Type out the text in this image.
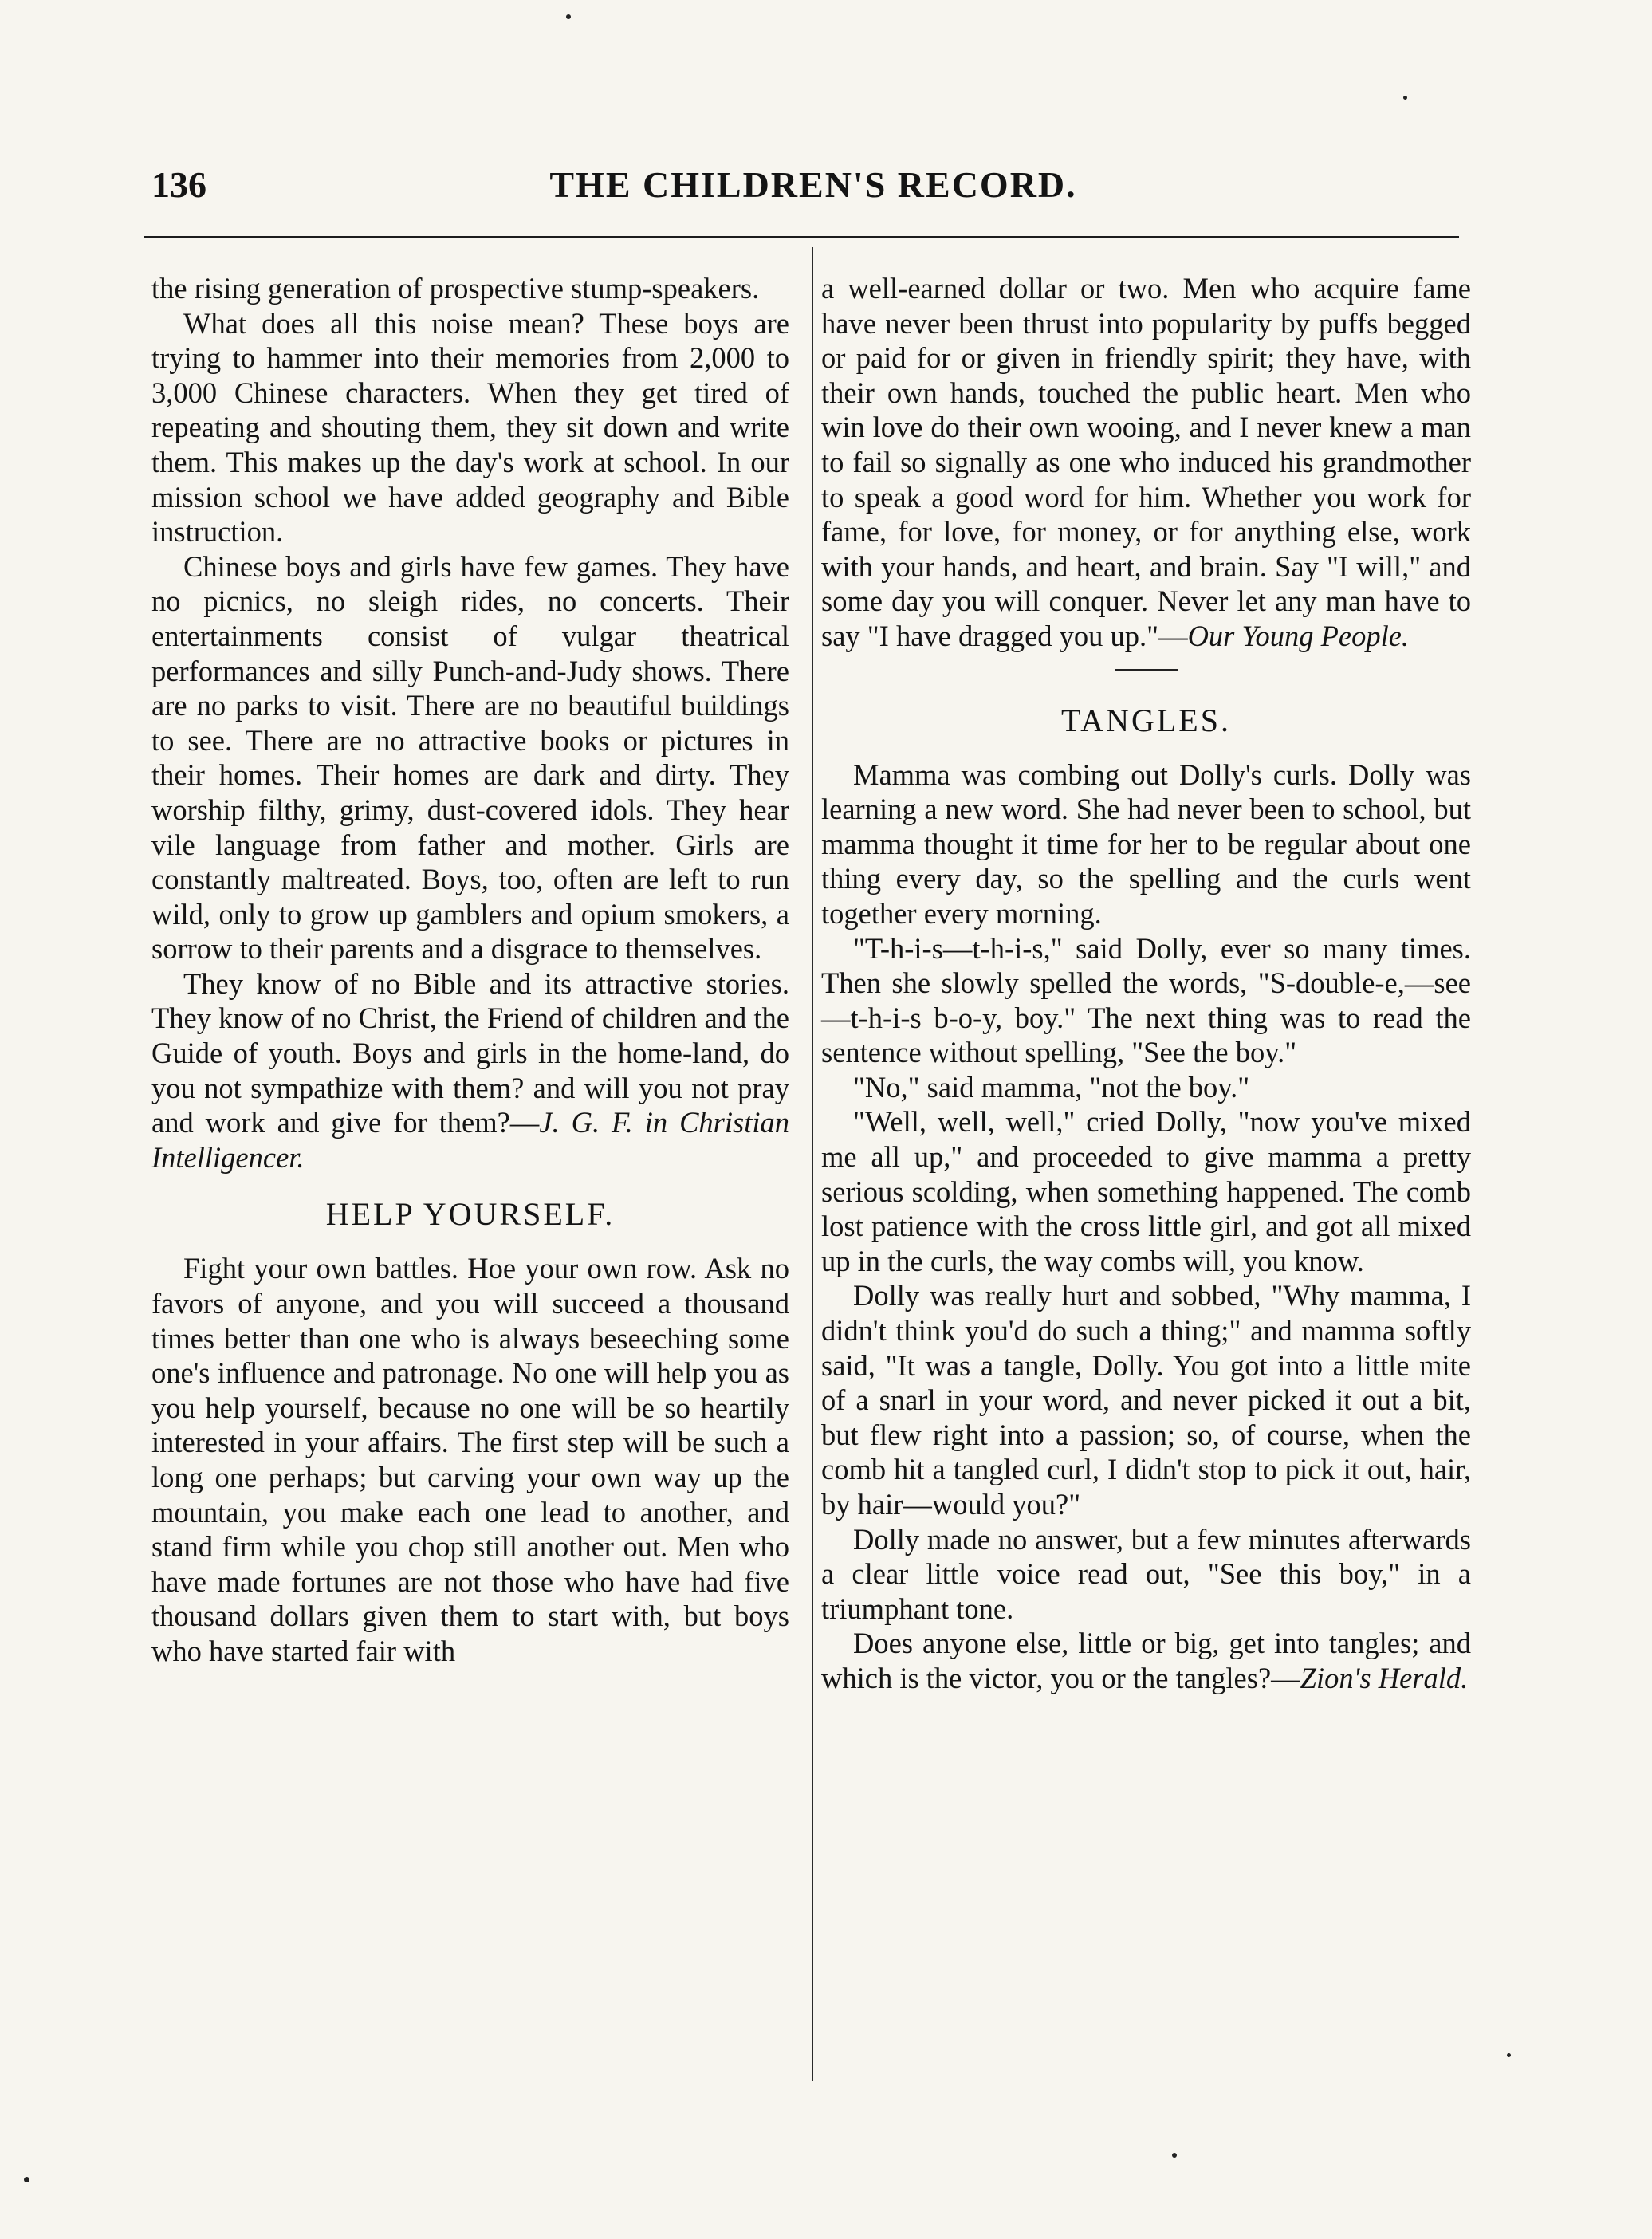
136	THE CHILDREN'S RECORD.

the rising generation of prospective stump-speakers.

What does all this noise mean? These boys are trying to hammer into their memories from 2,000 to 3,000 Chinese characters. When they get tired of repeating and shouting them, they sit down and write them. This makes up the day's work at school. In our mission school we have added geography and Bible instruction.

Chinese boys and girls have few games. They have no picnics, no sleigh rides, no concerts. Their entertainments consist of vulgar theatrical performances and silly Punch-and-Judy shows. There are no parks to visit. There are no beautiful buildings to see. There are no attractive books or pictures in their homes. Their homes are dark and dirty. They worship filthy, grimy, dust-covered idols. They hear vile language from father and mother. Girls are constantly maltreated. Boys, too, often are left to run wild, only to grow up gamblers and opium smokers, a sorrow to their parents and a disgrace to themselves.

They know of no Bible and its attractive stories. They know of no Christ, the Friend of children and the Guide of youth. Boys and girls in the home-land, do you not sympathize with them? and will you not pray and work and give for them?—J. G. F. in Christian Intelligencer.

HELP YOURSELF.

Fight your own battles. Hoe your own row. Ask no favors of anyone, and you will succeed a thousand times better than one who is always beseeching some one's influence and patronage. No one will help you as you help yourself, because no one will be so heartily interested in your affairs. The first step will be such a long one perhaps; but carving your own way up the mountain, you make each one lead to another, and stand firm while you chop still another out. Men who have made fortunes are not those who have had five thousand dollars given them to start with, but boys who have started fair with

a well-earned dollar or two. Men who acquire fame have never been thrust into popularity by puffs begged or paid for or given in friendly spirit; they have, with their own hands, touched the public heart. Men who win love do their own wooing, and I never knew a man to fail so signally as one who induced his grandmother to speak a good word for him. Whether you work for fame, for love, for money, or for anything else, work with your hands, and heart, and brain. Say "I will," and some day you will conquer. Never let any man have to say "I have dragged you up."—Our Young People.

TANGLES.

Mamma was combing out Dolly's curls. Dolly was learning a new word. She had never been to school, but mamma thought it time for her to be regular about one thing every day, so the spelling and the curls went together every morning.

"T-h-i-s—t-h-i-s," said Dolly, ever so many times. Then she slowly spelled the words, "S-double-e,—see—t-h-i-s b-o-y, boy." The next thing was to read the sentence without spelling, "See the boy."

"No," said mamma, "not the boy."

"Well, well, well," cried Dolly, "now you've mixed me all up," and proceeded to give mamma a pretty serious scolding, when something happened. The comb lost patience with the cross little girl, and got all mixed up in the curls, the way combs will, you know.

Dolly was really hurt and sobbed, "Why mamma, I didn't think you'd do such a thing;" and mamma softly said, "It was a tangle, Dolly. You got into a little mite of a snarl in your word, and never picked it out a bit, but flew right into a passion; so, of course, when the comb hit a tangled curl, I didn't stop to pick it out, hair, by hair—would you?"

Dolly made no answer, but a few minutes afterwards a clear little voice read out, "See this boy," in a triumphant tone.

Does anyone else, little or big, get into tangles; and which is the victor, you or the tangles?—Zion's Herald.
